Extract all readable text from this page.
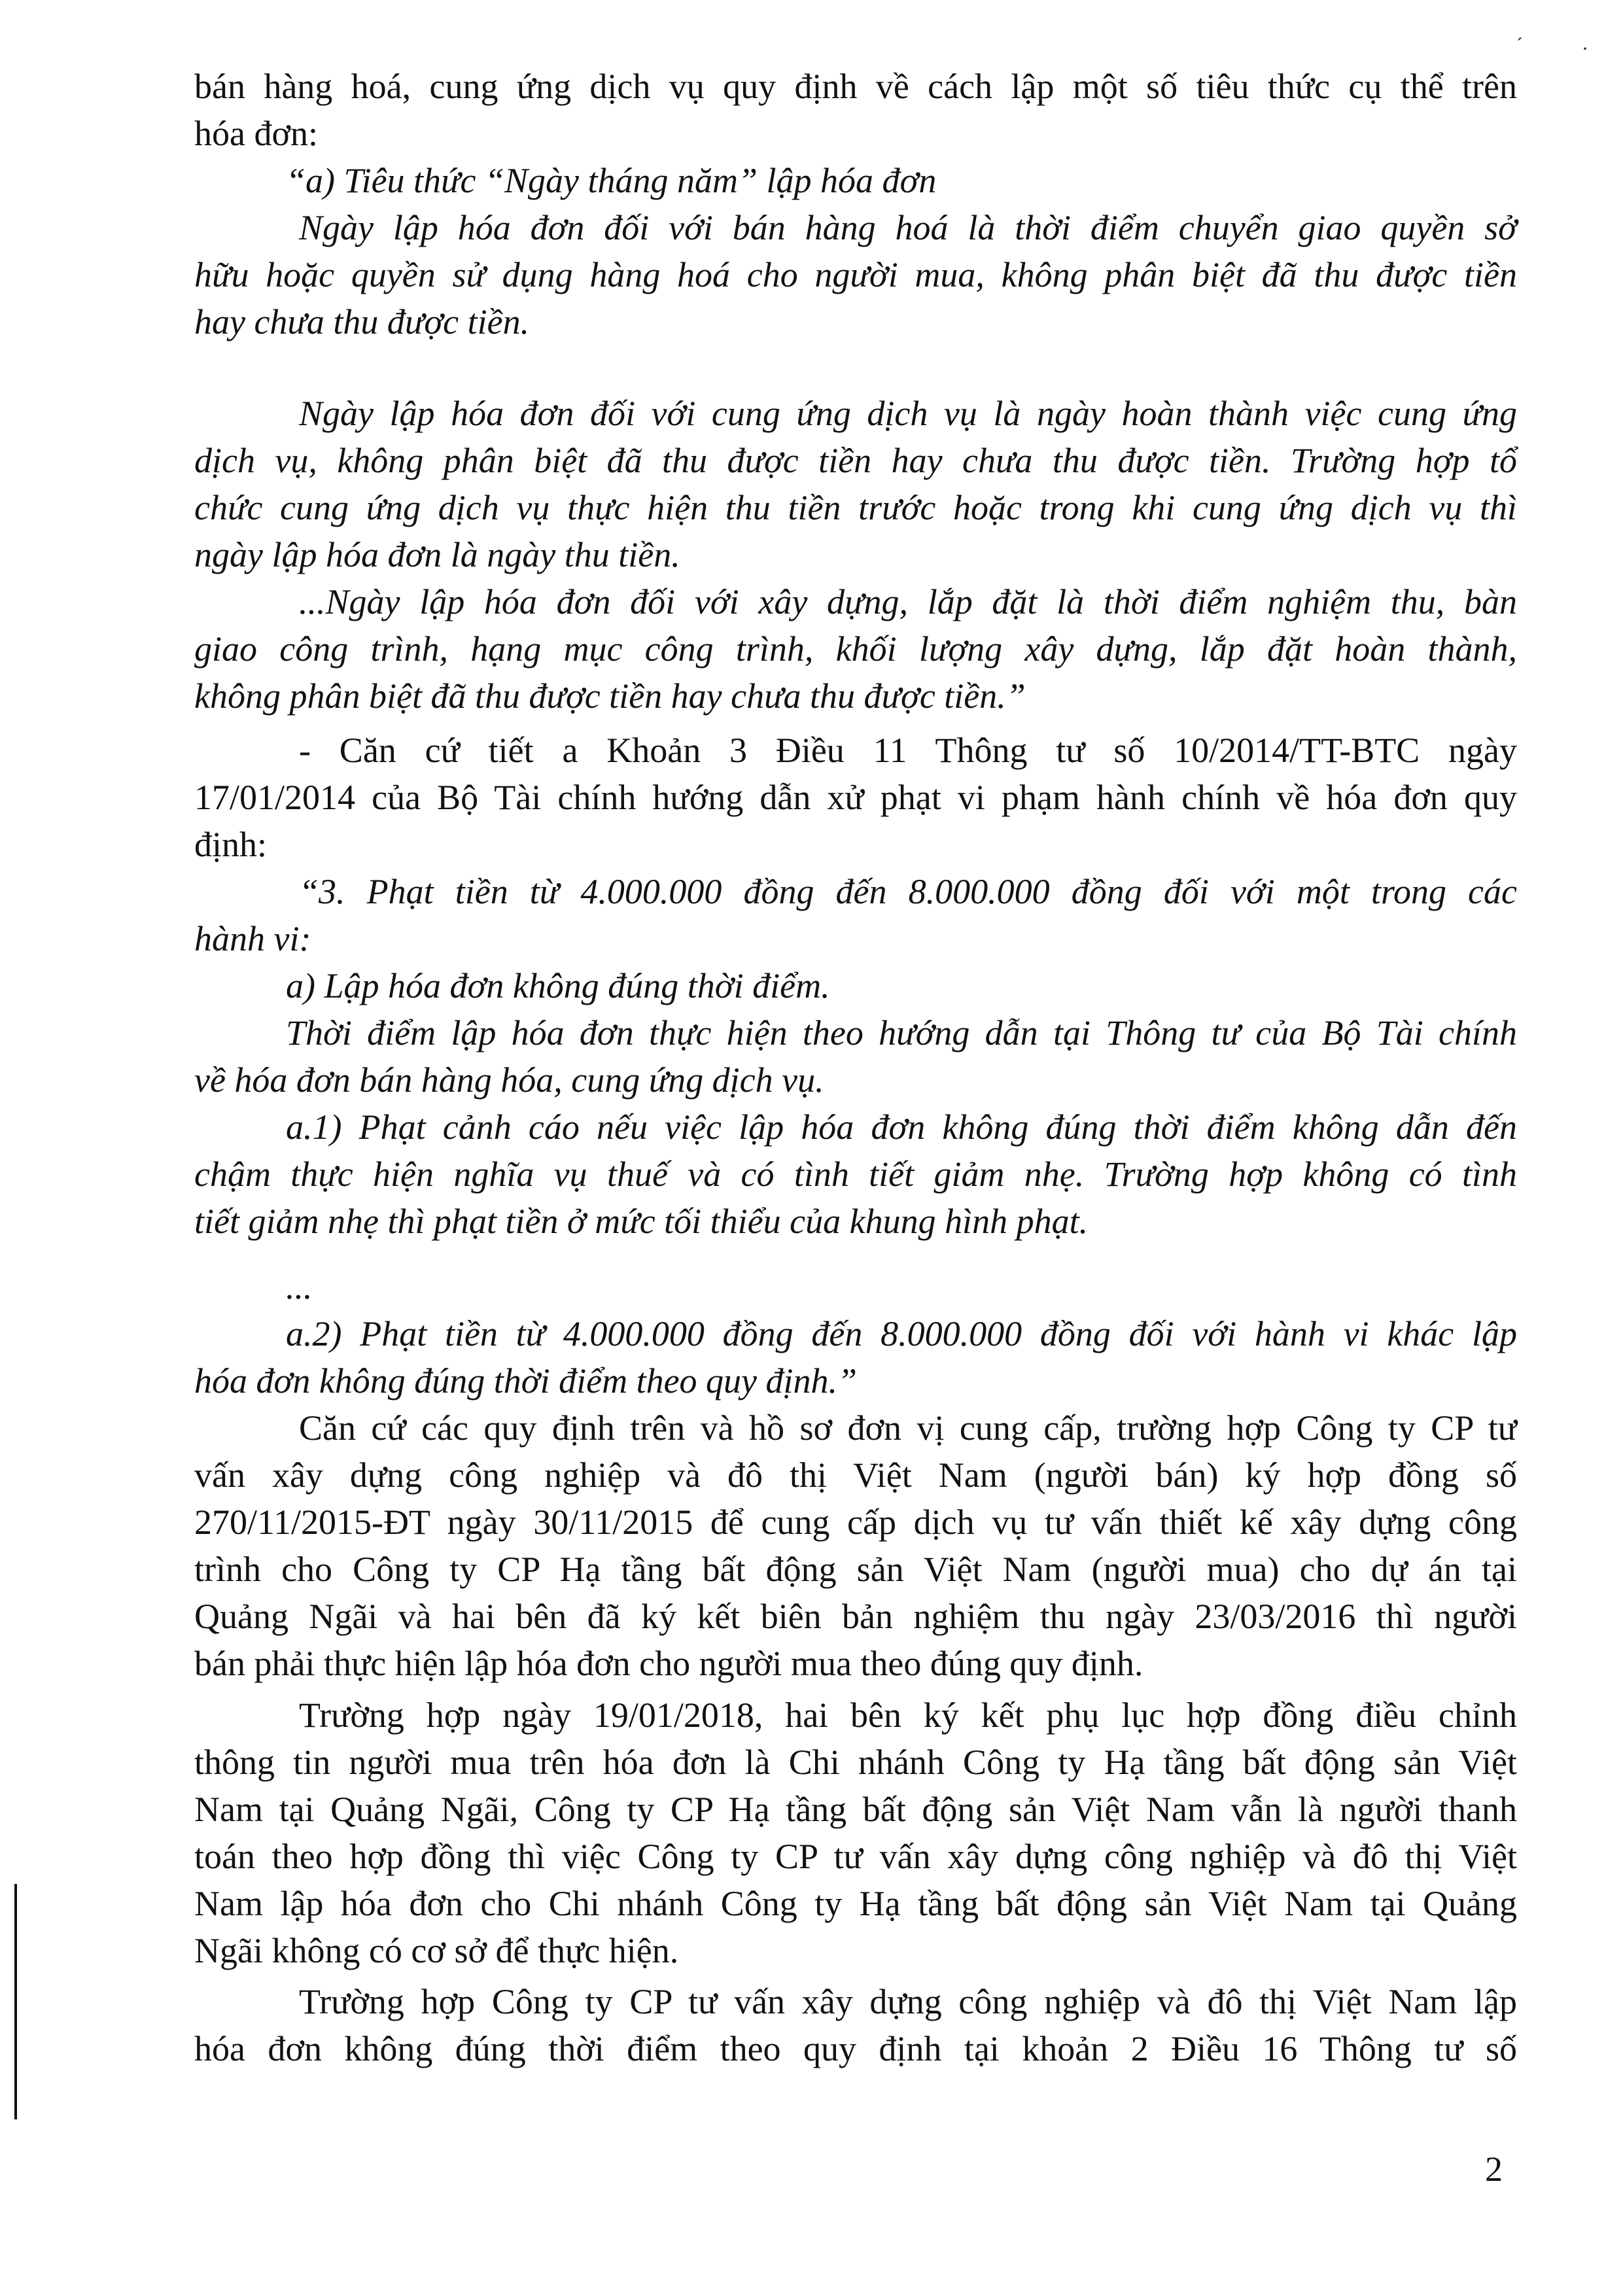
ˊ	·
bán hàng hoá, cung ứng dịch vụ quy định về cách lập một số tiêu thức cụ thể trên
hóa đơn:
“a) Tiêu thức “Ngày tháng năm” lập hóa đơn
Ngày lập hóa đơn đối với bán hàng hoá là thời điểm chuyển giao quyền sở
hữu hoặc quyền sử dụng hàng hoá cho người mua, không phân biệt đã thu được tiền
hay chưa thu được tiền.
Ngày lập hóa đơn đối với cung ứng dịch vụ là ngày hoàn thành việc cung ứng
dịch vụ, không phân biệt đã thu được tiền hay chưa thu được tiền. Trường hợp tổ
chức cung ứng dịch vụ thực hiện thu tiền trước hoặc trong khi cung ứng dịch vụ thì
ngày lập hóa đơn là ngày thu tiền.
...Ngày lập hóa đơn đối với xây dựng, lắp đặt là thời điểm nghiệm thu, bàn
giao công trình, hạng mục công trình, khối lượng xây dựng, lắp đặt hoàn thành,
không phân biệt đã thu được tiền hay chưa thu được tiền.”
- Căn cứ tiết a Khoản 3 Điều 11 Thông tư số 10/2014/TT-BTC ngày
17/01/2014 của Bộ Tài chính hướng dẫn xử phạt vi phạm hành chính về hóa đơn quy
định:
“3. Phạt tiền từ 4.000.000 đồng đến 8.000.000 đồng đối với một trong các
hành vi:
a) Lập hóa đơn không đúng thời điểm.
Thời điểm lập hóa đơn thực hiện theo hướng dẫn tại Thông tư của Bộ Tài chính
về hóa đơn bán hàng hóa, cung ứng dịch vụ.
a.1) Phạt cảnh cáo nếu việc lập hóa đơn không đúng thời điểm không dẫn đến
chậm thực hiện nghĩa vụ thuế và có tình tiết giảm nhẹ. Trường hợp không có tình
tiết giảm nhẹ thì phạt tiền ở mức tối thiểu của khung hình phạt.
...
a.2) Phạt tiền từ 4.000.000 đồng đến 8.000.000 đồng đối với hành vi khác lập
hóa đơn không đúng thời điểm theo quy định.”
Căn cứ các quy định trên và hồ sơ đơn vị cung cấp, trường hợp Công ty CP tư
vấn xây dựng công nghiệp và đô thị Việt Nam (người bán) ký hợp đồng số
270/11/2015-ĐT ngày 30/11/2015 để cung cấp dịch vụ tư vấn thiết kế xây dựng công
trình cho Công ty CP Hạ tầng bất động sản Việt Nam (người mua) cho dự án tại
Quảng Ngãi và hai bên đã ký kết biên bản nghiệm thu ngày 23/03/2016 thì người
bán phải thực hiện lập hóa đơn cho người mua theo đúng quy định.
Trường hợp ngày 19/01/2018, hai bên ký kết phụ lục hợp đồng điều chỉnh
thông tin người mua trên hóa đơn là Chi nhánh Công ty Hạ tầng bất động sản Việt
Nam tại Quảng Ngãi, Công ty CP Hạ tầng bất động sản Việt Nam vẫn là người thanh
toán theo hợp đồng thì việc Công ty CP tư vấn xây dựng công nghiệp và đô thị Việt
Nam lập hóa đơn cho Chi nhánh Công ty Hạ tầng bất động sản Việt Nam tại Quảng
Ngãi không có cơ sở để thực hiện.
Trường hợp Công ty CP tư vấn xây dựng công nghiệp và đô thị Việt Nam lập
hóa đơn không đúng thời điểm theo quy định tại khoản 2 Điều 16 Thông tư số
2
